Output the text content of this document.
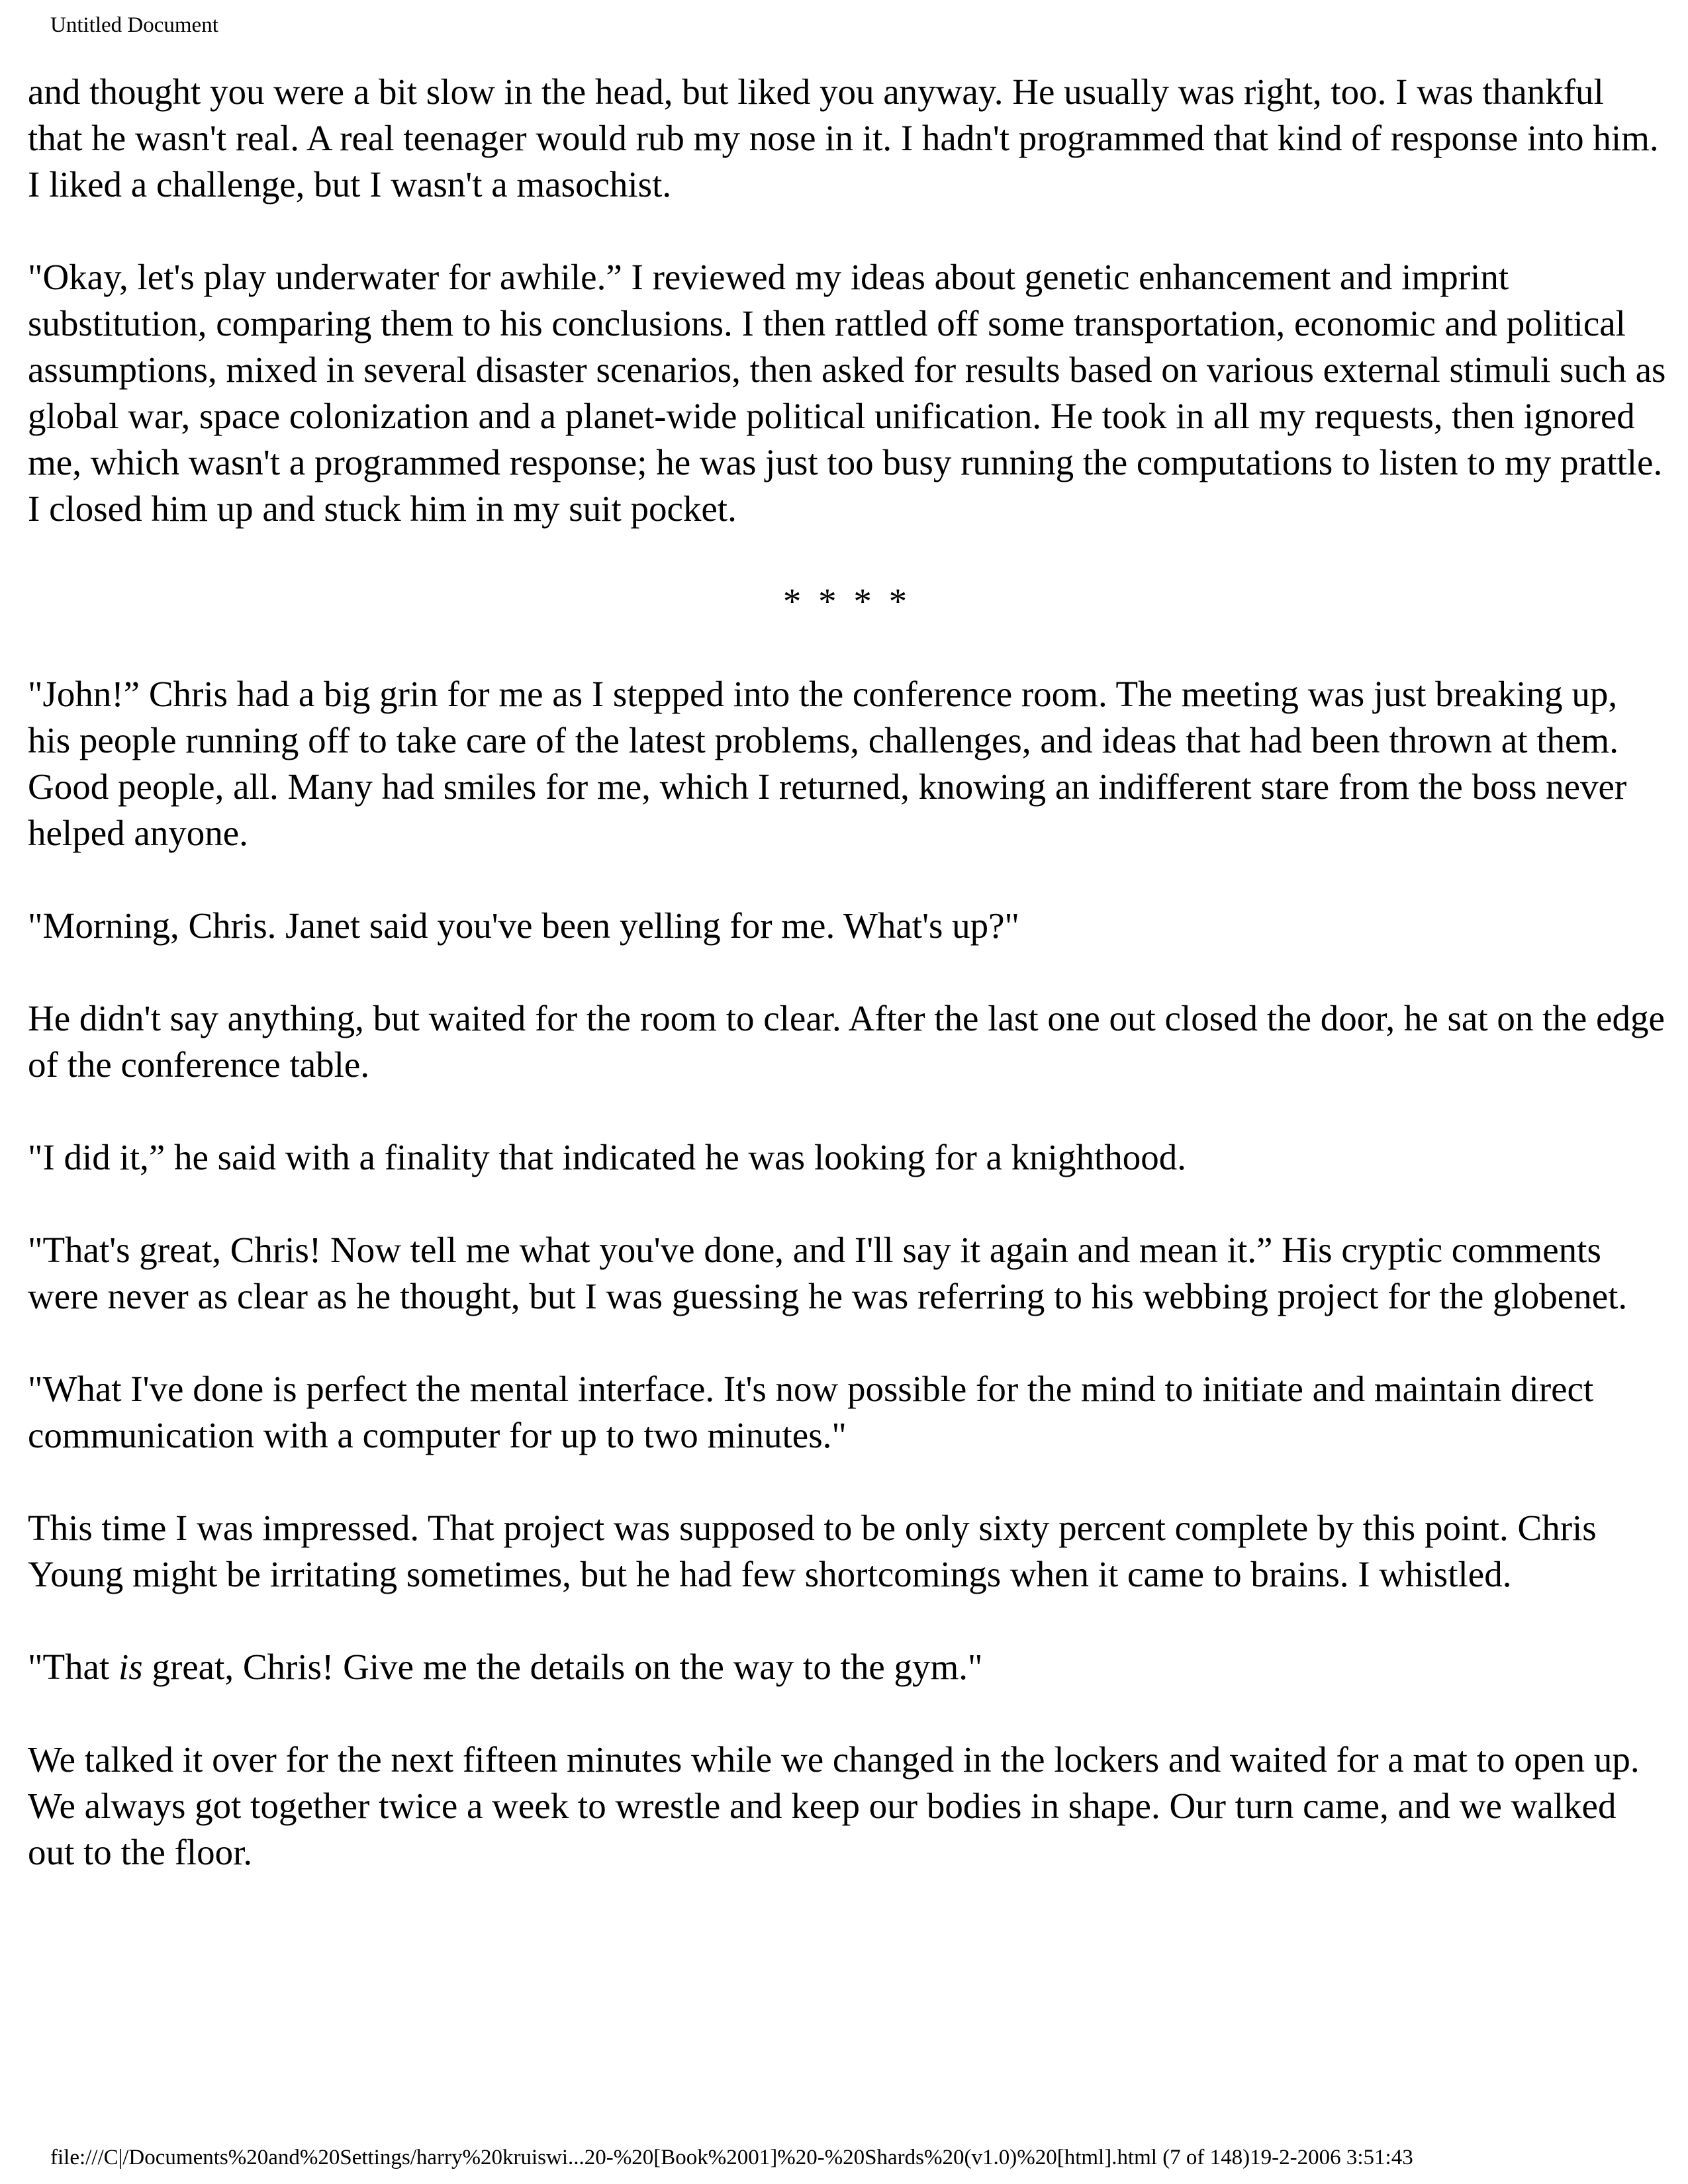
Untitled Document

and thought you were a bit slow in the head, but liked you anyway. He usually was right, too. I was thankful that he wasn't real. A real teenager would rub my nose in it. I hadn't programmed that kind of response into him. I liked a challenge, but I wasn't a masochist.

"Okay, let's play underwater for awhile.” I reviewed my ideas about genetic enhancement and imprint substitution, comparing them to his conclusions. I then rattled off some transportation, economic and political assumptions, mixed in several disaster scenarios, then asked for results based on various external stimuli such as global war, space colonization and a planet-wide political unification. He took in all my requests, then ignored me, which wasn't a programmed response; he was just too busy running the computations to listen to my prattle. I closed him up and stuck him in my suit pocket.

* * * *

"John!” Chris had a big grin for me as I stepped into the conference room. The meeting was just breaking up, his people running off to take care of the latest problems, challenges, and ideas that had been thrown at them. Good people, all. Many had smiles for me, which I returned, knowing an indifferent stare from the boss never helped anyone.

"Morning, Chris. Janet said you've been yelling for me. What's up?"

He didn't say anything, but waited for the room to clear. After the last one out closed the door, he sat on the edge of the conference table.

"I did it,” he said with a finality that indicated he was looking for a knighthood.

"That's great, Chris! Now tell me what you've done, and I'll say it again and mean it.” His cryptic comments were never as clear as he thought, but I was guessing he was referring to his webbing project for the globenet.

"What I've done is perfect the mental interface. It's now possible for the mind to initiate and maintain direct communication with a computer for up to two minutes."

This time I was impressed. That project was supposed to be only sixty percent complete by this point. Chris Young might be irritating sometimes, but he had few shortcomings when it came to brains. I whistled.

"That is great, Chris! Give me the details on the way to the gym."

We talked it over for the next fifteen minutes while we changed in the lockers and waited for a mat to open up. We always got together twice a week to wrestle and keep our bodies in shape. Our turn came, and we walked out to the floor.

file:///C|/Documents%20and%20Settings/harry%20kruiswi...20-%20[Book%2001]%20-%20Shards%20(v1.0)%20[html].html (7 of 148)19-2-2006 3:51:43
